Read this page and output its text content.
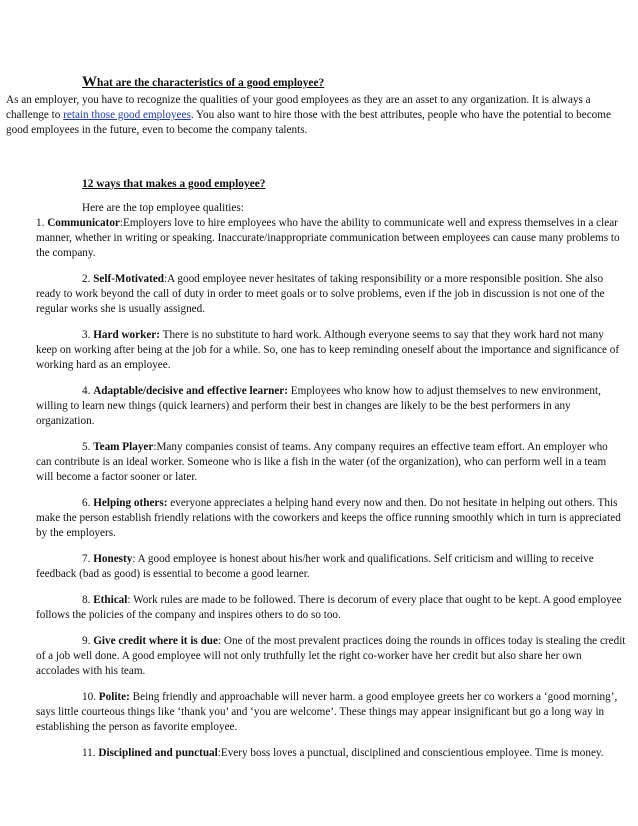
What are the characteristics of a good employee?

As an employer, you have to recognize the qualities of your good employees as they are an asset to any organization. It is always a challenge to retain those good employees. You also want to hire those with the best attributes, people who have the potential to become good employees in the future, even to become the company talents.

12 ways that makes a good employee?
Here are the top employee qualities:

1. Communicator:Employers love to hire employees who have the ability to communicate well and express themselves in a clear manner, whether in writing or speaking. Inaccurate/inappropriate communication between employees can cause many problems to the company.

2. Self-Motivated:A good employee never hesitates of taking responsibility or a more responsible position. She also ready to work beyond the call of duty in order to meet goals or to solve problems, even if the job in discussion is not one of the regular works she is usually assigned.

3. Hard worker: There is no substitute to hard work. Although everyone seems to say that they work hard not many keep on working after being at the job for a while. So, one has to keep reminding oneself about the importance and significance of working hard as an employee.

4. Adaptable/decisive and effective learner: Employees who know how to adjust themselves to new environment, willing to learn new things (quick learners) and perform their best in changes are likely to be the best performers in any organization.

5. Team Player:Many companies consist of teams. Any company requires an effective team effort. An employer who can contribute is an ideal worker. Someone who is like a fish in the water (of the organization), who can perform well in a team will become a factor sooner or later.

6. Helping others: everyone appreciates a helping hand every now and then. Do not hesitate in helping out others. This make the person establish friendly relations with the coworkers and keeps the office running smoothly which in turn is appreciated by the employers.

7. Honesty: A good employee is honest about his/her work and qualifications. Self criticism and willing to receive feedback (bad as good) is essential to become a good learner.

8. Ethical: Work rules are made to be followed. There is decorum of every place that ought to be kept. A good employee follows the policies of the company and inspires others to do so too.

9. Give credit where it is due: One of the most prevalent practices doing the rounds in offices today is stealing the credit of a job well done. A good employee will not only truthfully let the right co-worker have her credit but also share her own accolades with his team.

10. Polite: Being friendly and approachable will never harm. a good employee greets her co workers a ‘good morning’, says little courteous things like ‘thank you’ and ‘you are welcome’. These things may appear insignificant but go a long way in establishing the person as favorite employee.

11. Disciplined and punctual:Every boss loves a punctual, disciplined and conscientious employee. Time is money.
